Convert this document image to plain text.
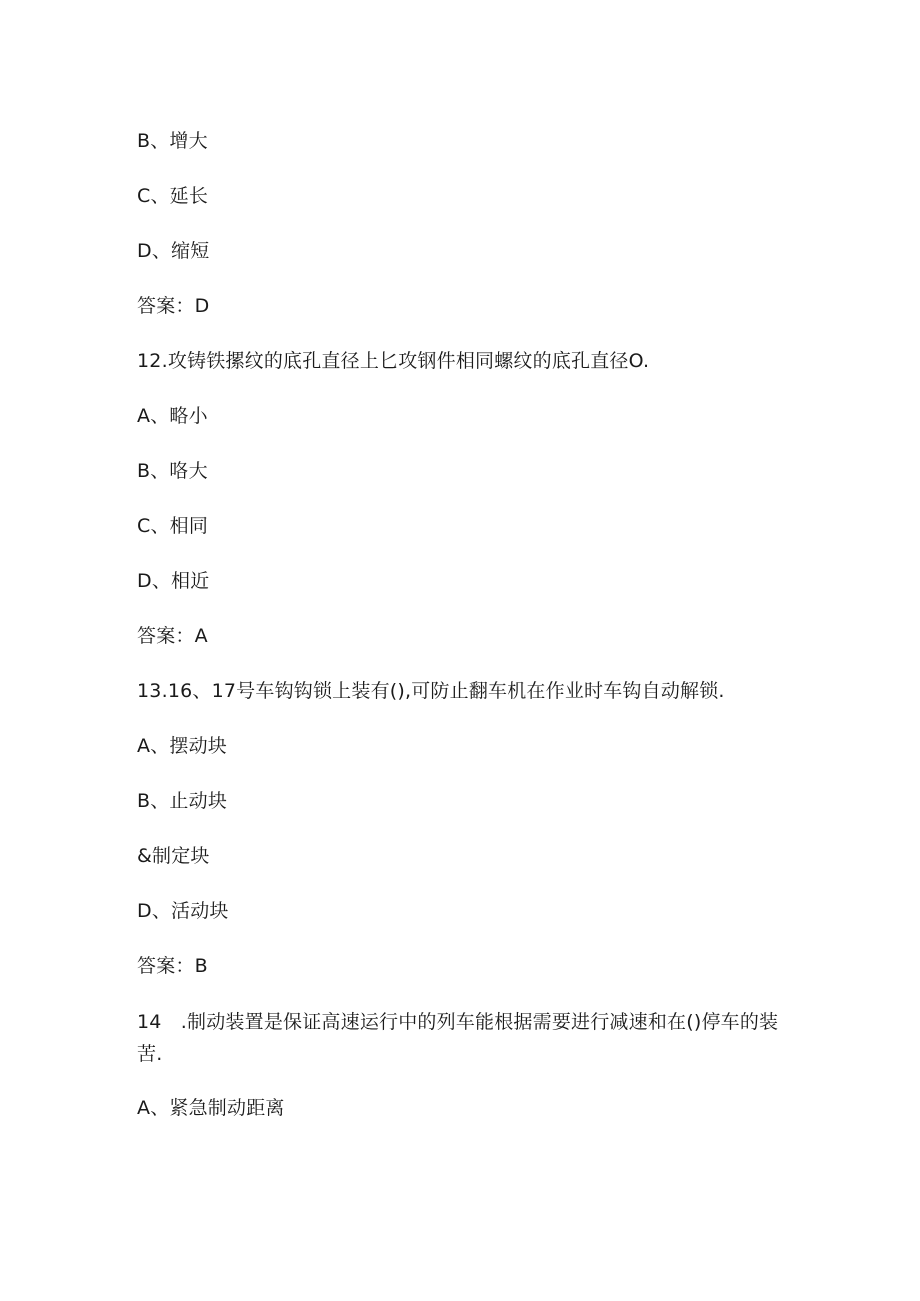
B、增大
C、延长
D、缩短
答案：D
12.攻铸铁摞纹的底孔直径上匕攻钢件相同螺纹的底孔直径O.
A、略小
B、咯大
C、相同
D、相近
答案：A
13.16、17号车钩钩锁上装有(),可防止翻车机在作业时车钩自动解锁.
A、摆动块
B、止动块
&制定块
D、活动块
答案：B
14　.制动装置是保证高速运行中的列车能根据需要进行减速和在()停车的装
苦.
A、紧急制动距离
